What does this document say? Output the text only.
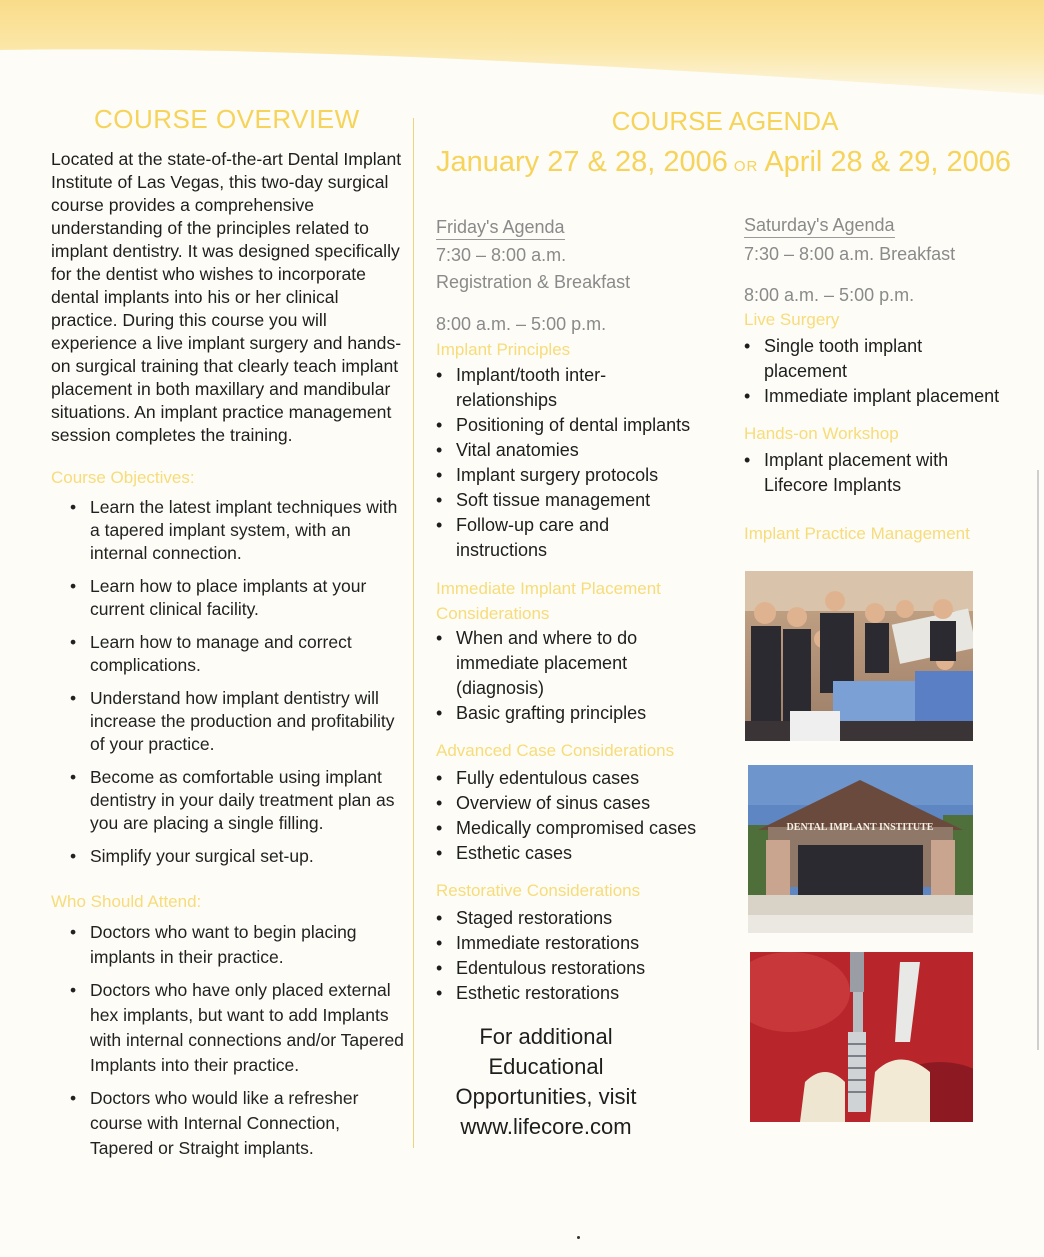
COURSE OVERVIEW
Located at the state-of-the-art Dental Implant Institute of Las Vegas, this two-day surgical course provides a comprehensive understanding of the principles related to implant dentistry. It was designed specifically for the dentist who wishes to incorporate dental implants into his or her clinical practice. During this course you will experience a live implant surgery and hands-on surgical training that clearly teach implant placement in both maxillary and mandibular situations. An implant practice management session completes the training.
Course Objectives:
• Learn the latest implant techniques with a tapered implant system, with an internal connection.
• Learn how to place implants at your current clinical facility.
• Learn how to manage and correct complications.
• Understand how implant dentistry will increase the production and profitability of your practice.
• Become as comfortable using implant dentistry in your daily treatment plan as you are placing a single filling.
• Simplify your surgical set-up.
Who Should Attend:
• Doctors who want to begin placing implants in their practice.
• Doctors who have only placed external hex implants, but want to add Implants with internal connections and/or Tapered Implants into their practice.
• Doctors who would like a refresher course with Internal Connection, Tapered or Straight implants.
COURSE AGENDA
January 27 & 28, 2006 OR April 28 & 29, 2006
Friday's Agenda
7:30 – 8:00 a.m.
Registration & Breakfast
8:00 a.m. – 5:00 p.m.
Implant Principles
• Implant/tooth inter-relationships
• Positioning of dental implants
• Vital anatomies
• Implant surgery protocols
• Soft tissue management
• Follow-up care and instructions
Immediate Implant Placement Considerations
• When and where to do immediate placement (diagnosis)
• Basic grafting principles
Advanced Case Considerations
• Fully edentulous cases
• Overview of sinus cases
• Medically compromised cases
• Esthetic cases
Restorative Considerations
• Staged restorations
• Immediate restorations
• Edentulous restorations
• Esthetic restorations
For additional Educational Opportunities, visit www.lifecore.com
Saturday's Agenda
7:30 – 8:00 a.m. Breakfast
8:00 a.m. – 5:00 p.m.
Live Surgery
• Single tooth implant placement
• Immediate implant placement
Hands-on Workshop
• Implant placement with Lifecore Implants
Implant Practice Management
DENTAL IMPLANT INSTITUTE
